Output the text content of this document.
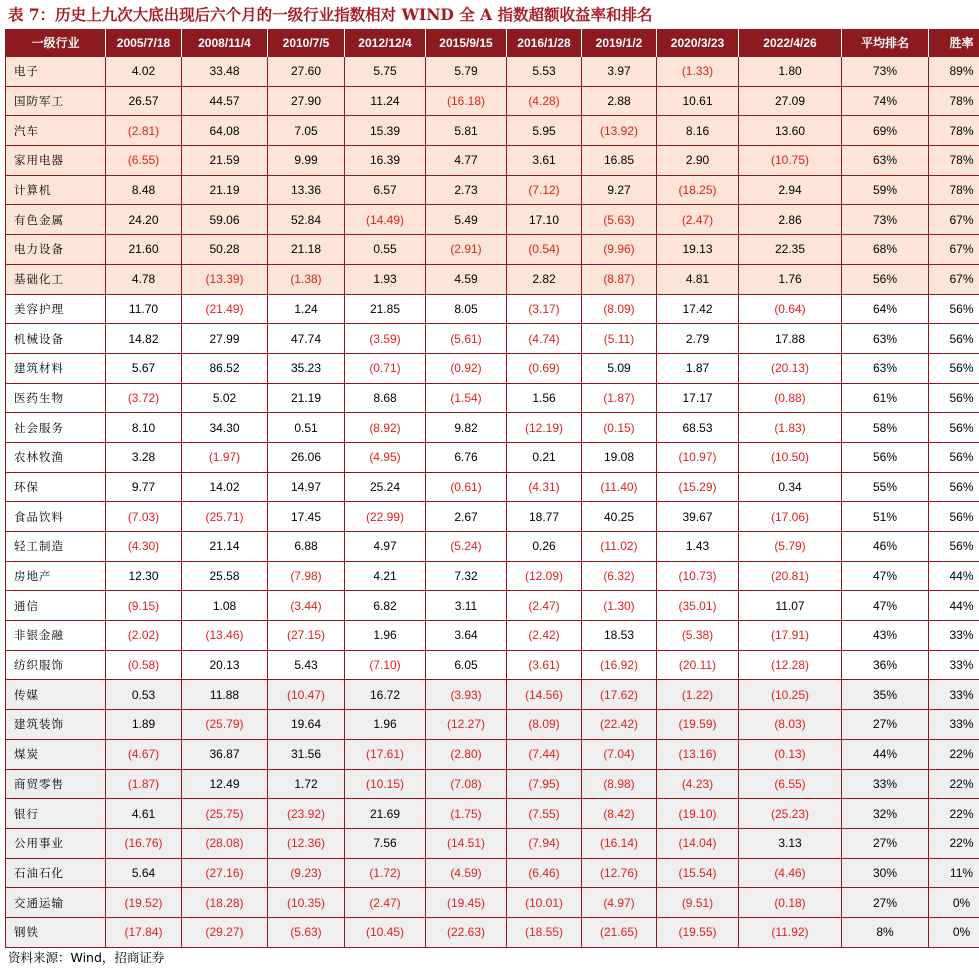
表 7：历史上九次大底出现后六个月的一级行业指数相对 WIND 全 A 指数超额收益率和排名
一级行业	2005/7/18	2008/11/4	2010/7/5	2012/12/4	2015/9/15	2016/1/28	2019/1/2	2020/3/23	2022/4/26	平均排名	胜率
电子	4.02	33.48	27.60	5.75	5.79	5.53	3.97	(1.33)	1.80	73%	89%
国防军工	26.57	44.57	27.90	11.24	(16.18)	(4.28)	2.88	10.61	27.09	74%	78%
汽车	(2.81)	64.08	7.05	15.39	5.81	5.95	(13.92)	8.16	13.60	69%	78%
家用电器	(6.55)	21.59	9.99	16.39	4.77	3.61	16.85	2.90	(10.75)	63%	78%
计算机	8.48	21.19	13.36	6.57	2.73	(7.12)	9.27	(18.25)	2.94	59%	78%
有色金属	24.20	59.06	52.84	(14.49)	5.49	17.10	(5.63)	(2.47)	2.86	73%	67%
电力设备	21.60	50.28	21.18	0.55	(2.91)	(0.54)	(9.96)	19.13	22.35	68%	67%
基础化工	4.78	(13.39)	(1.38)	1.93	4.59	2.82	(8.87)	4.81	1.76	56%	67%
美容护理	11.70	(21.49)	1.24	21.85	8.05	(3.17)	(8.09)	17.42	(0.64)	64%	56%
机械设备	14.82	27.99	47.74	(3.59)	(5.61)	(4.74)	(5.11)	2.79	17.88	63%	56%
建筑材料	5.67	86.52	35.23	(0.71)	(0.92)	(0.69)	5.09	1.87	(20.13)	63%	56%
医药生物	(3.72)	5.02	21.19	8.68	(1.54)	1.56	(1.87)	17.17	(0.88)	61%	56%
社会服务	8.10	34.30	0.51	(8.92)	9.82	(12.19)	(0.15)	68.53	(1.83)	58%	56%
农林牧渔	3.28	(1.97)	26.06	(4.95)	6.76	0.21	19.08	(10.97)	(10.50)	56%	56%
环保	9.77	14.02	14.97	25.24	(0.61)	(4.31)	(11.40)	(15.29)	0.34	55%	56%
食品饮料	(7.03)	(25.71)	17.45	(22.99)	2.67	18.77	40.25	39.67	(17.06)	51%	56%
轻工制造	(4.30)	21.14	6.88	4.97	(5.24)	0.26	(11.02)	1.43	(5.79)	46%	56%
房地产	12.30	25.58	(7.98)	4.21	7.32	(12.09)	(6.32)	(10.73)	(20.81)	47%	44%
通信	(9.15)	1.08	(3.44)	6.82	3.11	(2.47)	(1.30)	(35.01)	11.07	47%	44%
非银金融	(2.02)	(13.46)	(27.15)	1.96	3.64	(2.42)	18.53	(5.38)	(17.91)	43%	33%
纺织服饰	(0.58)	20.13	5.43	(7.10)	6.05	(3.61)	(16.92)	(20.11)	(12.28)	36%	33%
传媒	0.53	11.88	(10.47)	16.72	(3.93)	(14.56)	(17.62)	(1.22)	(10.25)	35%	33%
建筑装饰	1.89	(25.79)	19.64	1.96	(12.27)	(8.09)	(22.42)	(19.59)	(8.03)	27%	33%
煤炭	(4.67)	36.87	31.56	(17.61)	(2.80)	(7.44)	(7.04)	(13.16)	(0.13)	44%	22%
商贸零售	(1.87)	12.49	1.72	(10.15)	(7.08)	(7.95)	(8.98)	(4.23)	(6.55)	33%	22%
银行	4.61	(25.75)	(23.92)	21.69	(1.75)	(7.55)	(8.42)	(19.10)	(25.23)	32%	22%
公用事业	(16.76)	(28.08)	(12.36)	7.56	(14.51)	(7.94)	(16.14)	(14.04)	3.13	27%	22%
石油石化	5.64	(27.16)	(9.23)	(1.72)	(4.59)	(6.46)	(12.76)	(15.54)	(4.46)	30%	11%
交通运输	(19.52)	(18.28)	(10.35)	(2.47)	(19.45)	(10.01)	(4.97)	(9.51)	(0.18)	27%	0%
钢铁	(17.84)	(29.27)	(5.63)	(10.45)	(22.63)	(18.55)	(21.65)	(19.55)	(11.92)	8%	0%
资料来源：Wind，招商证券
